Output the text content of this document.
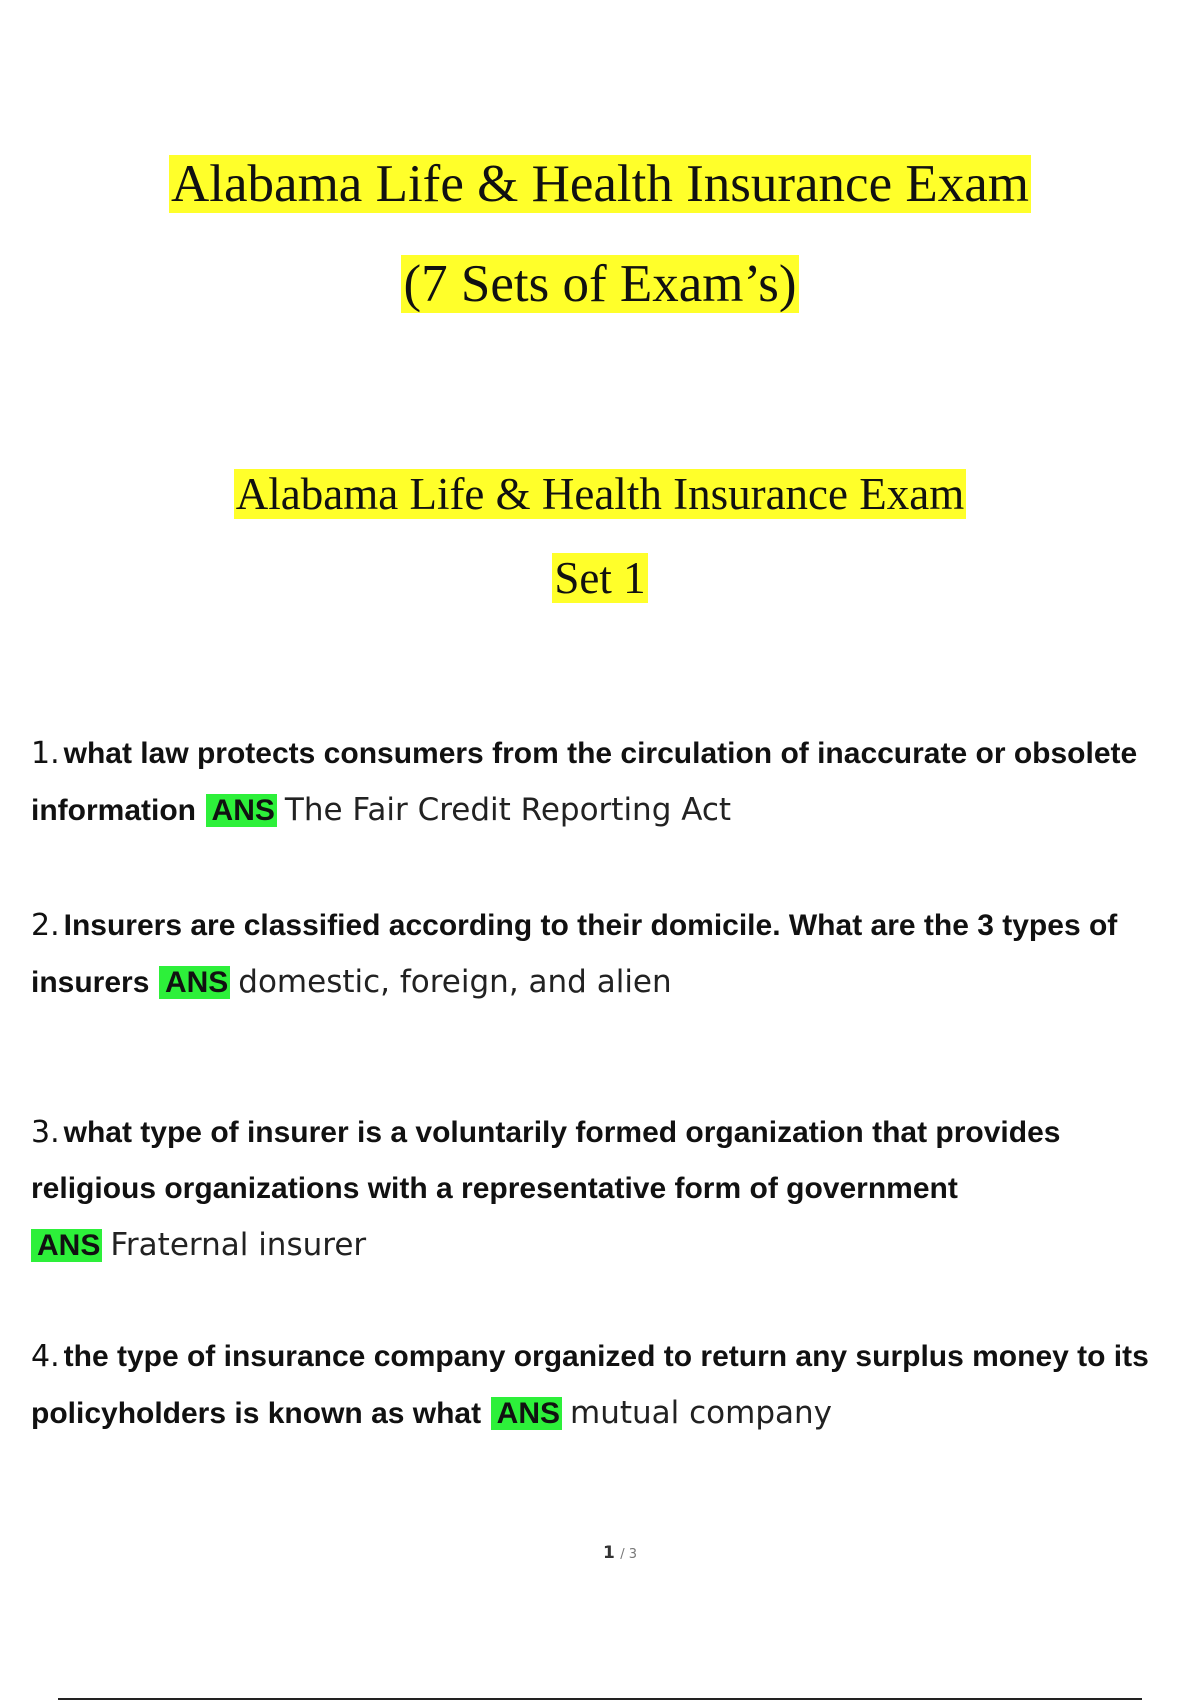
Alabama Life & Health Insurance Exam
(7 Sets of Exam’s)
Alabama Life & Health Insurance Exam
Set 1
1. what law protects consumers from the circulation of inaccurate or obsolete information ANS The Fair Credit Reporting Act
2. Insurers are classified according to their domicile. What are the 3 types of insurers ANS domestic, foreign, and alien
3. what type of insurer is a voluntarily formed organization that provides religious organizations with a representative form of government ANS Fraternal insurer
4. the type of insurance company organized to return any surplus money to its policyholders is known as what ANS mutual company
1 / 3
